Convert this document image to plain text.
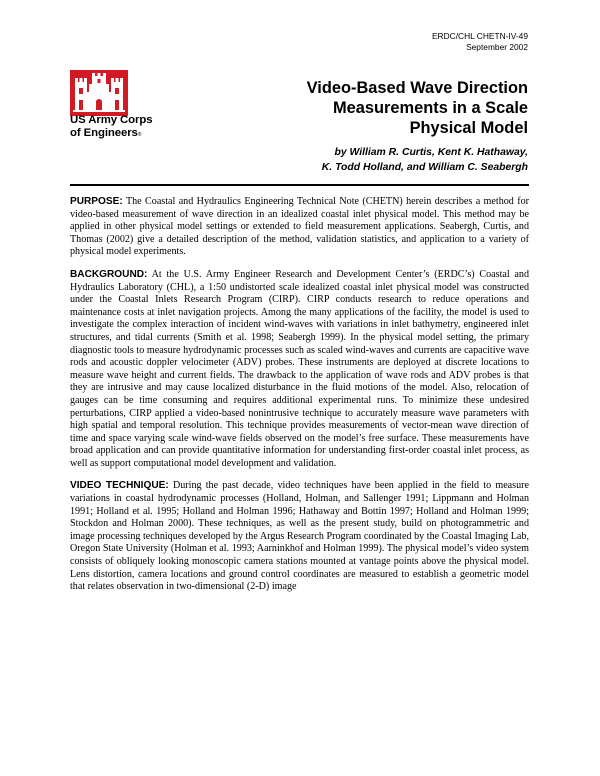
ERDC/CHL CHETN-IV-49
September 2002
US Army Corps
of Engineers®
Video-Based Wave Direction
Measurements in a Scale
Physical Model
by William R. Curtis, Kent K. Hathaway,
K. Todd Holland, and William C. Seabergh

PURPOSE: The Coastal and Hydraulics Engineering Technical Note (CHETN) herein describes a method for video-based measurement of wave direction in an idealized coastal inlet physical model. This method may be applied in other physical model settings or extended to field measurement applications. Seabergh, Curtis, and Thomas (2002) give a detailed description of the method, validation statistics, and application to a variety of physical model experiments.

BACKGROUND: At the U.S. Army Engineer Research and Development Center’s (ERDC’s) Coastal and Hydraulics Laboratory (CHL), a 1:50 undistorted scale idealized coastal inlet physical model was constructed under the Coastal Inlets Research Program (CIRP). CIRP conducts research to reduce operations and maintenance costs at inlet navigation projects. Among the many applications of the facility, the model is used to investigate the complex interaction of incident wind-waves with variations in inlet bathymetry, engineered inlet structures, and tidal currents (Smith et al. 1998; Seabergh 1999). In the physical model setting, the primary diagnostic tools to measure hydrodynamic processes such as scaled wind-waves and currents are capacitive wave rods and acoustic doppler velocimeter (ADV) probes. These instruments are deployed at discrete locations to measure wave height and current fields. The drawback to the application of wave rods and ADV probes is that they are intrusive and may cause localized disturbance in the fluid motions of the model. Also, relocation of gauges can be time consuming and requires additional experimental runs. To minimize these undesired perturbations, CIRP applied a video-based nonintrusive technique to accurately measure wave parameters with high spatial and temporal resolution. This technique provides measurements of vector-mean wave direction of time and space varying scale wind-wave fields observed on the model’s free surface. These measurements have broad application and can provide quantitative information for understanding first-order coastal inlet process, as well as support computational model development and validation.

VIDEO TECHNIQUE: During the past decade, video techniques have been applied in the field to measure variations in coastal hydrodynamic processes (Holland, Holman, and Sallenger 1991; Lippmann and Holman 1991; Holland et al. 1995; Holland and Holman 1996; Hathaway and Bottin 1997; Holland and Holman 1999; Stockdon and Holman 2000). These techniques, as well as the present study, build on photogrammetric and image processing techniques developed by the Argus Research Program coordinated by the Coastal Imaging Lab, Oregon State University (Holman et al. 1993; Aarninkhof and Holman 1999). The physical model’s video system consists of obliquely looking monoscopic camera stations mounted at vantage points above the physical model. Lens distortion, camera locations and ground control coordinates are measured to establish a geometric model that relates observation in two-dimensional (2-D) image
